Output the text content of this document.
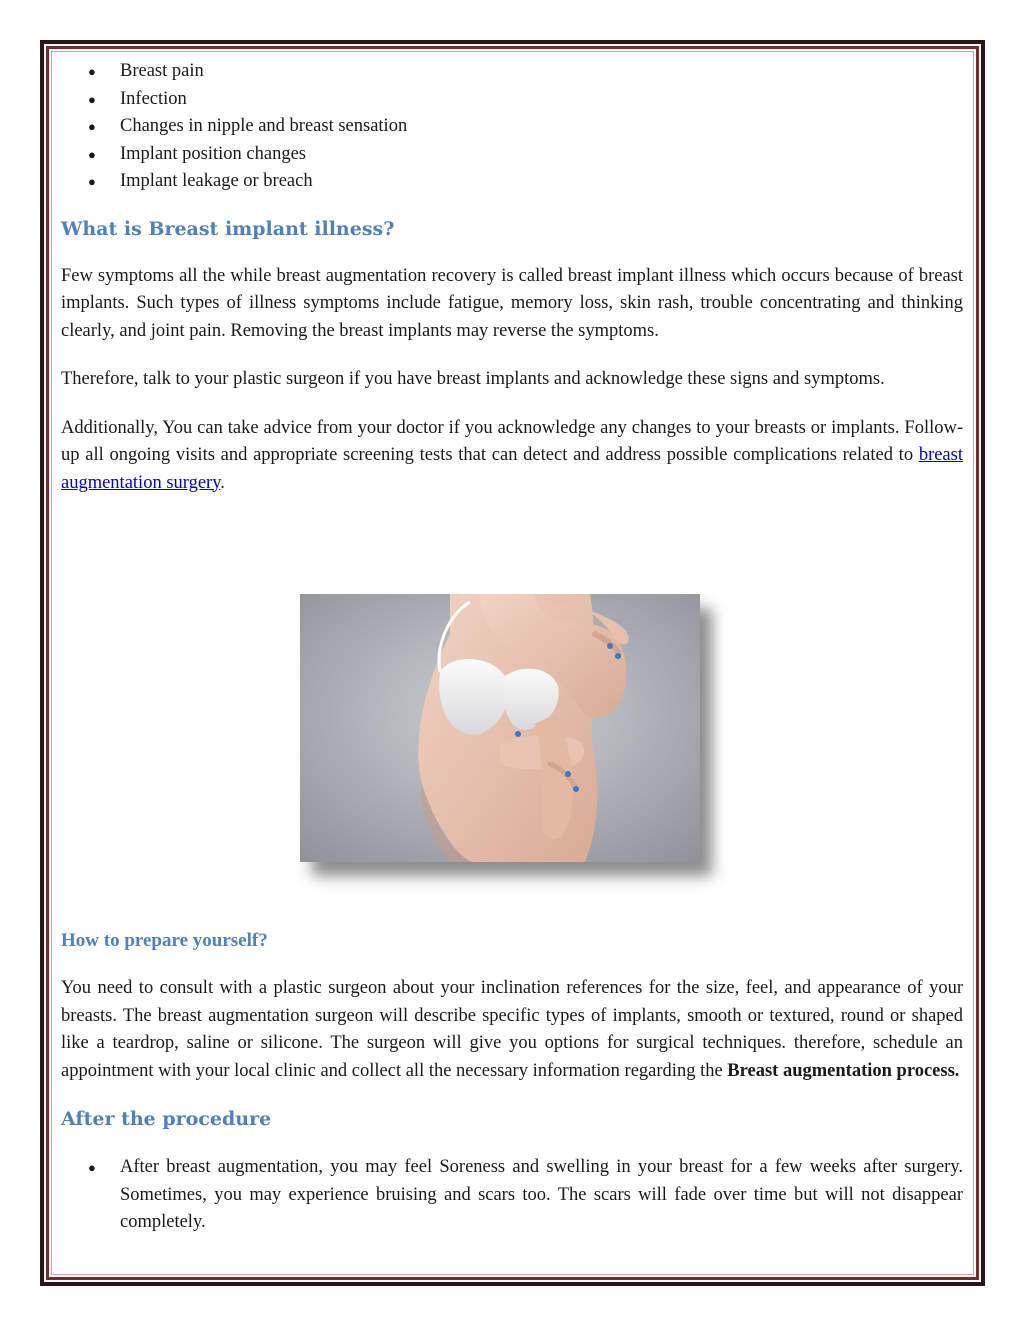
● Breast pain
● Infection
● Changes in nipple and breast sensation
● Implant position changes
● Implant leakage or breach
What is Breast implant illness?

Few symptoms all the while breast augmentation recovery is called breast implant illness which occurs because of breast implants. Such types of illness symptoms include fatigue, memory loss, skin rash, trouble concentrating and thinking clearly, and joint pain. Removing the breast implants may reverse the symptoms.

Therefore, talk to your plastic surgeon if you have breast implants and acknowledge these signs and symptoms.

Additionally, You can take advice from your doctor if you acknowledge any changes to your breasts or implants. Follow-up all ongoing visits and appropriate screening tests that can detect and address possible complications related to breast augmentation surgery.

How to prepare yourself?

You need to consult with a plastic surgeon about your inclination references for the size, feel, and appearance of your breasts. The breast augmentation surgeon will describe specific types of implants, smooth or textured, round or shaped like a teardrop, saline or silicone. The surgeon will give you options for surgical techniques. therefore, schedule an appointment with your local clinic and collect all the necessary information regarding the Breast augmentation process.

After the procedure
● After breast augmentation, you may feel Soreness and swelling in your breast for a few weeks after surgery. Sometimes, you may experience bruising and scars too. The scars will fade over time but will not disappear completely.
